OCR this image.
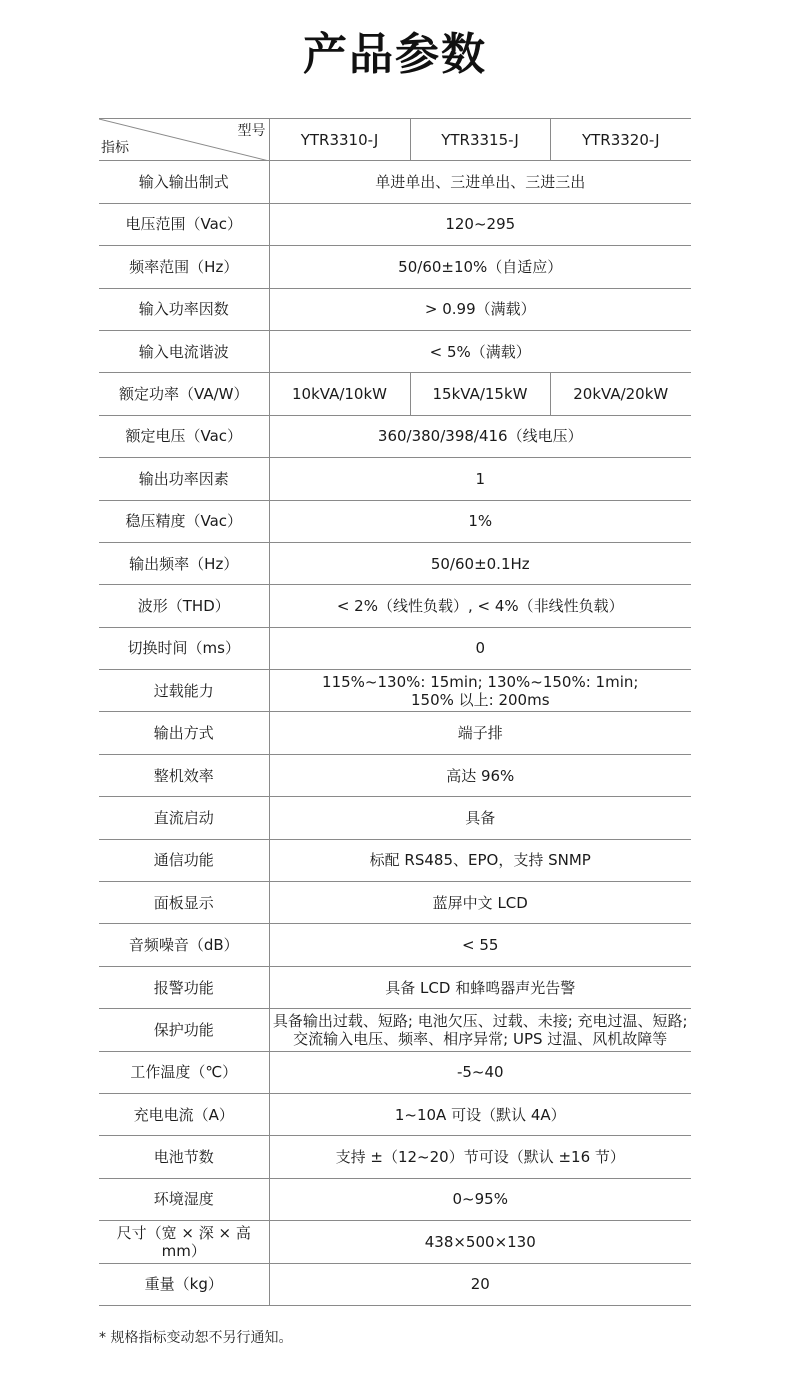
产品参数
型号
指标	YTR3310-J	YTR3315-J	YTR3320-J
输入输出制式	单进单出、三进单出、三进三出		
电压范围（Vac）	120~295		
频率范围（Hz）	50/60±10%（自适应）		
输入功率因数	> 0.99（满载）		
输入电流谐波	< 5%（满载）		
额定功率（VA/W）	10kVA/10kW	15kVA/15kW	20kVA/20kW
额定电压（Vac）	360/380/398/416（线电压）		
输出功率因素	1		
稳压精度（Vac）	1%		
输出频率（Hz）	50/60±0.1Hz		
波形（THD）	< 2%（线性负载）, < 4%（非线性负载）		
切换时间（ms）	0		
过载能力	115%~130%: 15min; 130%~150%: 1min;
150% 以上: 200ms		

输出方式	端子排		
整机效率	高达 96%		
直流启动	具备		
通信功能	标配 RS485、EPO，支持 SNMP		
面板显示	蓝屏中文 LCD		
音频噪音（dB）	< 55		
报警功能	具备 LCD 和蜂鸣器声光告警		
保护功能	具备输出过载、短路; 电池欠压、过载、未接; 充电过温、短路;
交流输入电压、频率、相序异常; UPS 过温、风机故障等		

工作温度（℃）	-5~40		
充电电流（A）	1~10A 可设（默认 4A）		
电池节数	支持 ±（12~20）节可设（默认 ±16 节）		
环境湿度	0~95%		
尺寸（宽 × 深 × 高 mm）	438×500×130		
重量（kg）	20		
* 规格指标变动恕不另行通知。
